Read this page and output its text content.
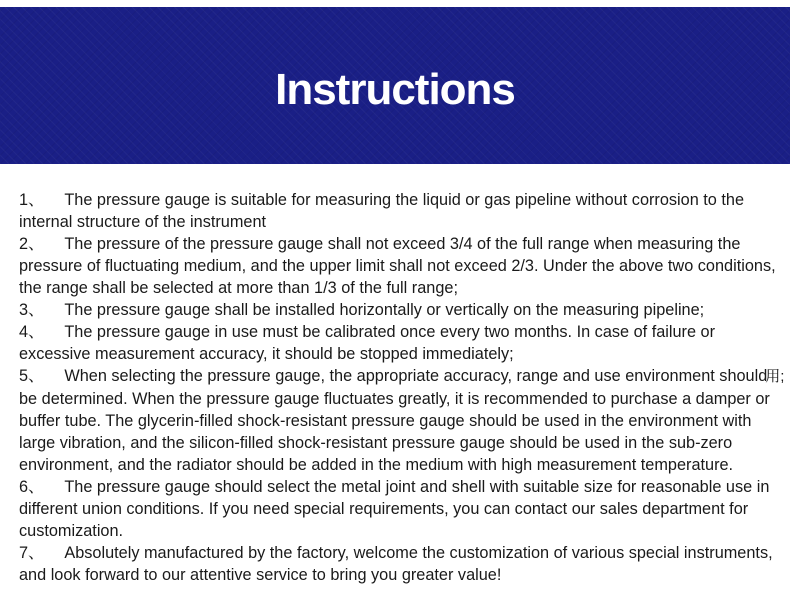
Instructions

1、 The pressure gauge is suitable for measuring the liquid or gas pipeline without corrosion to the internal structure of the instrument

2、 The pressure of the pressure gauge shall not exceed 3/4 of the full range when measuring the pressure of fluctuating medium, and the upper limit shall not exceed 2/3. Under the above two conditions, the range shall be selected at more than 1/3 of the full range;

3、 The pressure gauge shall be installed horizontally or vertically on the measuring pipeline;

4、 The pressure gauge in use must be calibrated once every two months. In case of failure or excessive measurement accuracy, it should be stopped immediately;

5、 When selecting the pressure gauge, the appropriate accuracy, range and use environment should用; be determined. When the pressure gauge fluctuates greatly, it is recommended to purchase a damper or buffer tube. The glycerin-filled shock-resistant pressure gauge should be used in the environment with large vibration, and the silicon-filled shock-resistant pressure gauge should be used in the sub-zero environment, and the radiator should be added in the medium with high measurement temperature.

6、 The pressure gauge should select the metal joint and shell with suitable size for reasonable use in different union conditions. If you need special requirements, you can contact our sales department for customization.

7、 Absolutely manufactured by the factory, welcome the customization of various special instruments, and look forward to our attentive service to bring you greater value!
